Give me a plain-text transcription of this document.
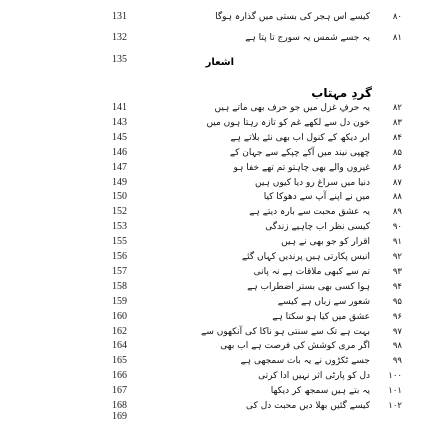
131	کیسے اس ہجر کی بستی میں گذارہ ہوگا	۸۰
132	یہ جسے شمس یہ سورج تا پتا ہے	۸۱
135	اشعار
گردِ مہتاب
141	یہ حرفِ غزل میں جو حرف بھی ماتے ہیں	۸۲
143	خون دل سے لکھے غم کو تازہ رہتا ہوں میں	۸۳
145	ابر دیکھ کے کنول اب بھی نئے بلاتے ہے	۸۴
146	چھپی نیند میں آکے چپکے سے جہان کے	۸۵
147	غیروں والے بھی چاہتو تم تھے خفا ہو	۸۶
149	دنیا میں سراغ رو دیا کیوں ہیں	۸۷
150	میں نے اپنے آپ سے دھوکا کیا	۸۸
152	یہ عشق محبت سے بارہ دیتے ہے	۸۹
153	کیسی نظر اب چاہیے زندگی	۹۰
155	اقرار کو جو بھی نے ہیں	۹۱
156	انیس پکارتی ہیں پرندیں کہاں گئے	۹۲
157	تم سے کبھی ملاقات ہے نہ پانی	۹۳
158	ہوا کسی بھی بستر اضطراب ہے	۹۴
159	شعور سے زباں ہے کیسے	۹۵
160	عشق میں کیا ہو سکتا ہے	۹۶
162	بہت ہے تک سے سنتی ہو ناکا کی آنکھوں سے	۹۷
164	اگر مری کوشش کی فرصت ہے اب بھی	۹۸
165	جسے ٹکڑوں نے یہ بات سمجھی ہے	۹۹
166	دل کو پارٹی اثر نہیں ادا کرتی	۱۰۰
167	یہ بتے ہیں سمجھ کر دیکھا	۱۰۱
168	کیسے گئیں بھلا دیں محبت دل کی	۱۰۲
169
